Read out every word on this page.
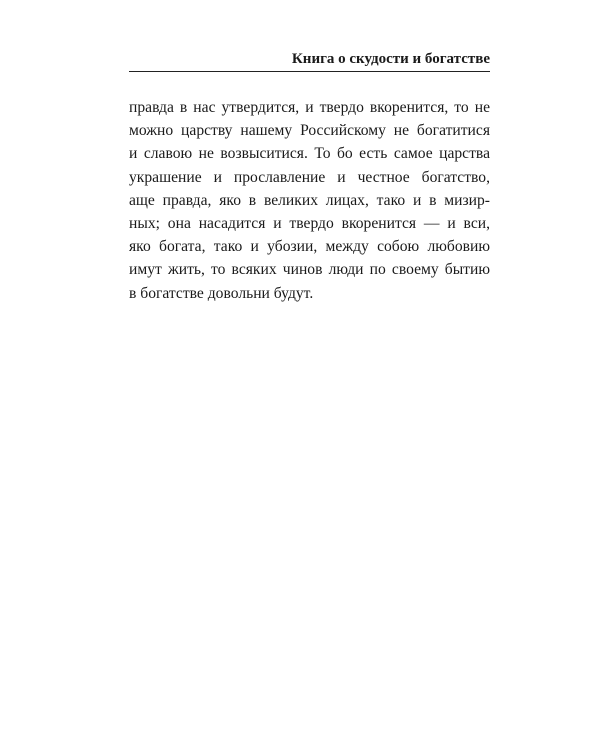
Книга о скудости и богатстве
правда в нас утвердится, и твердо вкоренится, то не
можно царству нашему Российскому не богатитися
и славою не возвыситися. То бо есть самое царства
украшение и прославление и честное богатство,
аще правда, яко в великих лицах, тако и в мизир-
ных; она насадится и твердо вкоренится — и вси,
яко богата, тако и убозии, между собою любовию
имут жить, то всяких чинов люди по своему бытию
в богатстве довольни будут.
